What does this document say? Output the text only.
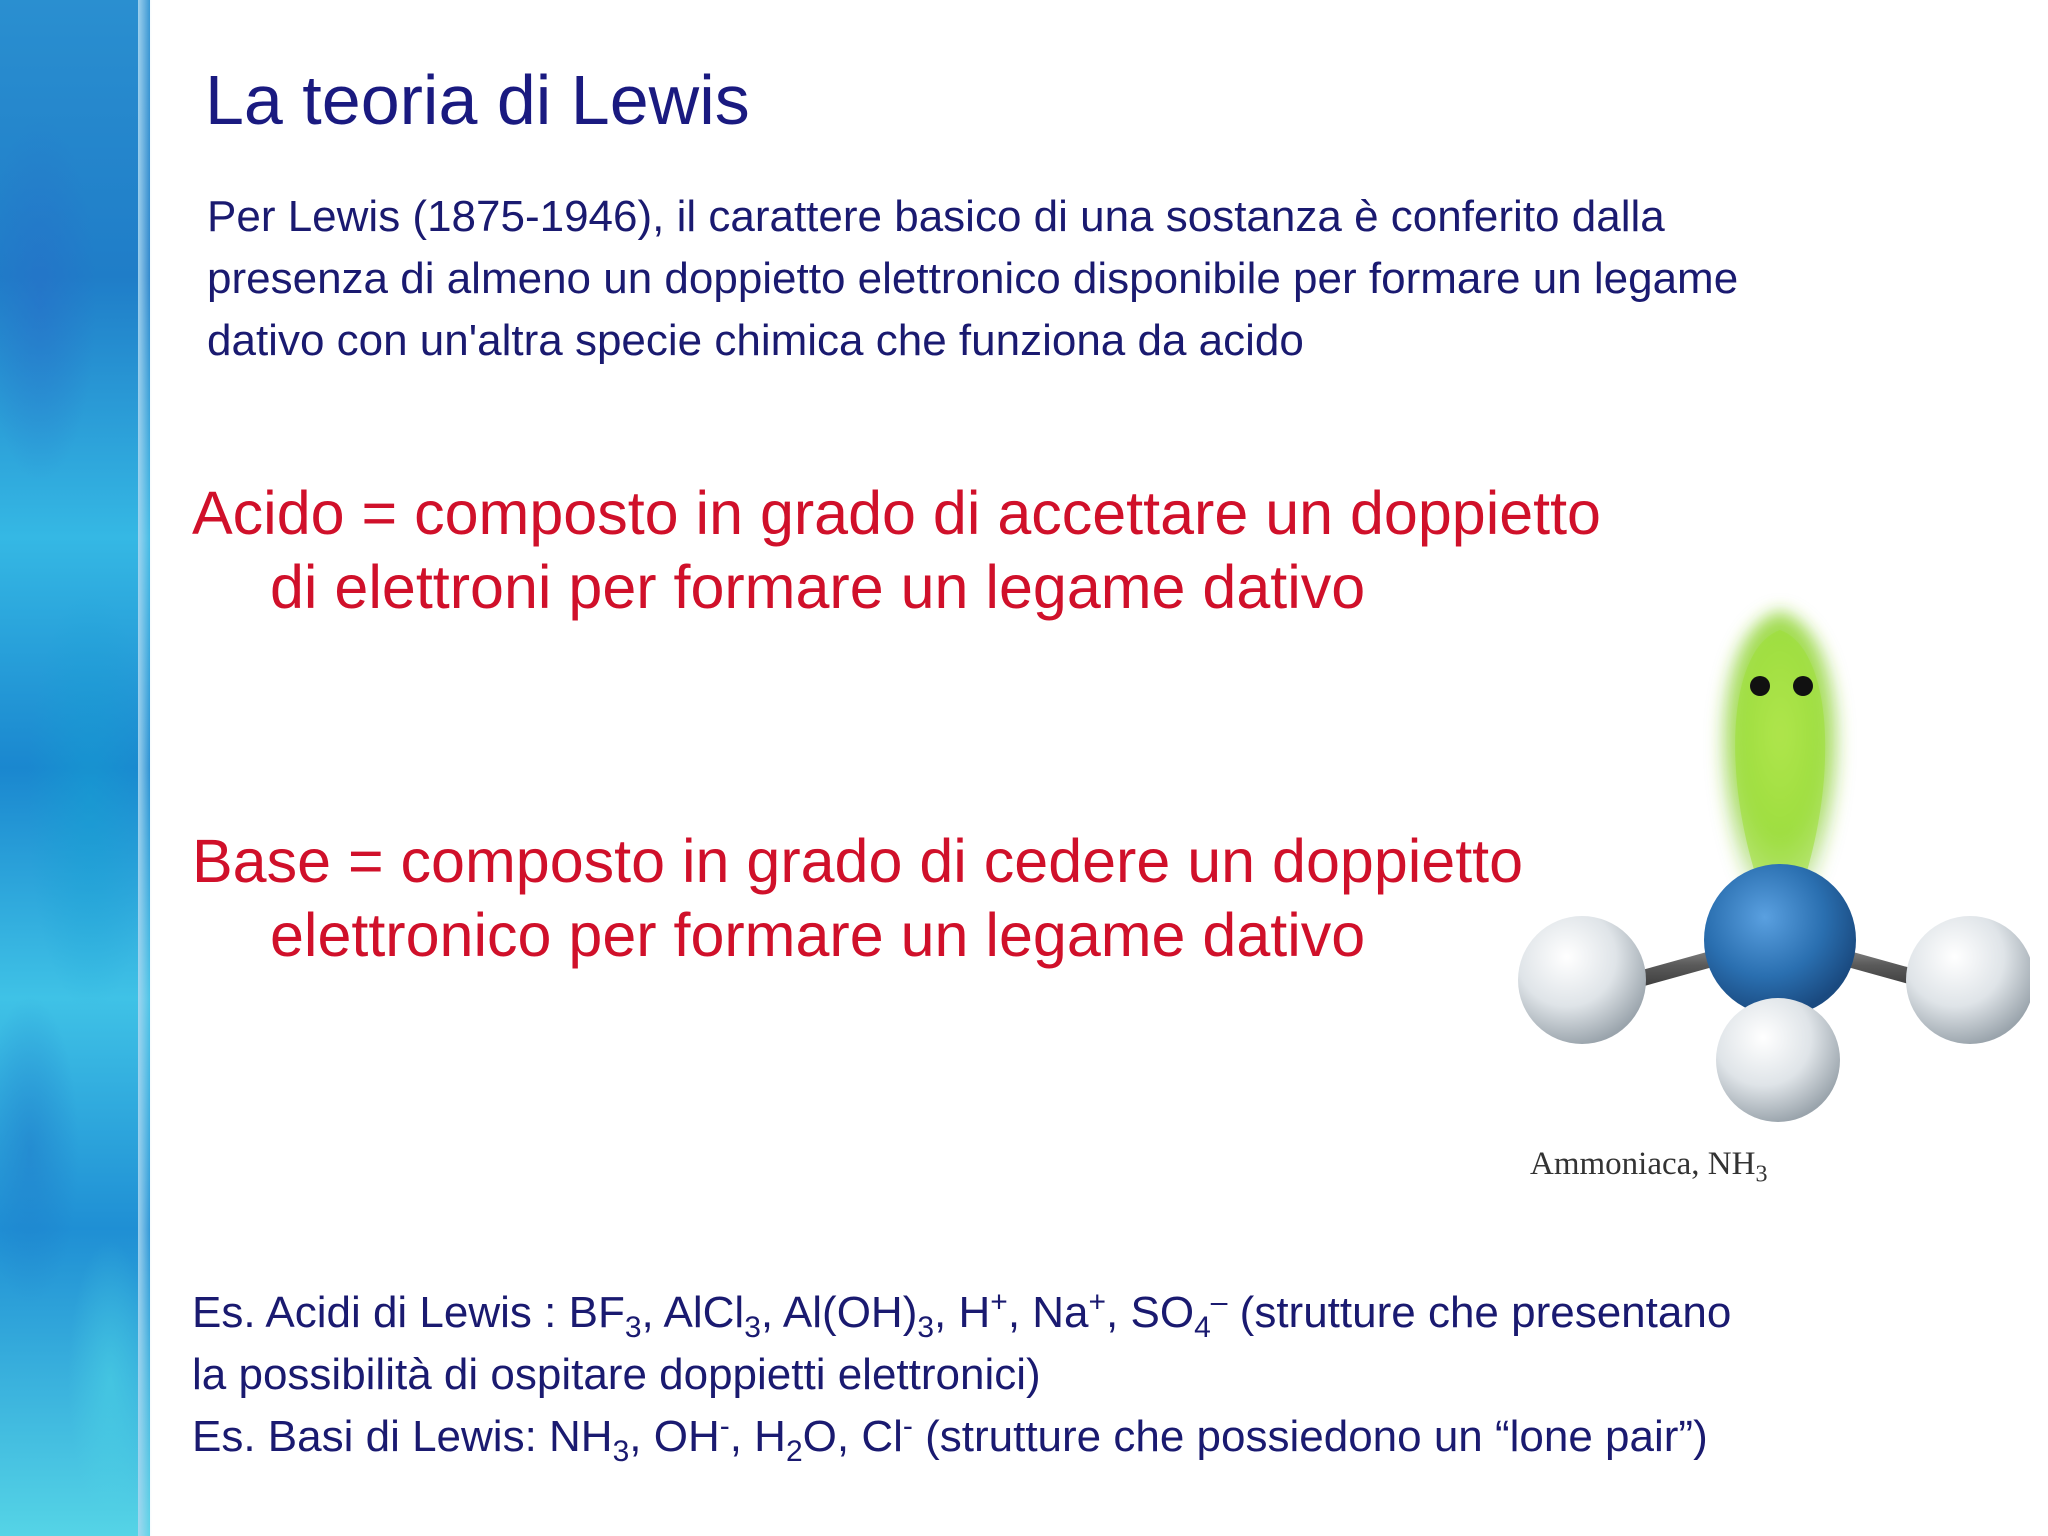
La teoria di Lewis

Per Lewis (1875-1946), il carattere basico di una sostanza è conferito dalla
presenza di almeno un doppietto elettronico disponibile per formare un legame
dativo con un'altra specie chimica che funziona da acido

Acido = composto in grado di accettare un doppietto
di elettroni per formare un legame dativo

Base = composto in grado di cedere un doppietto
elettronico per formare un legame dativo

Ammoniaca, $NH_3$

Es. Acidi di Lewis : $BF_3$, AlCl$_3$, $Al(OH)_3$, H+, Na+, $SO_4^-$ (strutture che presentano
la possibilità di ospitare doppietti elettronici)
Es. Basi di Lewis: $NH_3$, OH-, $H_2O$, Cl- (strutture che possiedono un “lone pair”)
